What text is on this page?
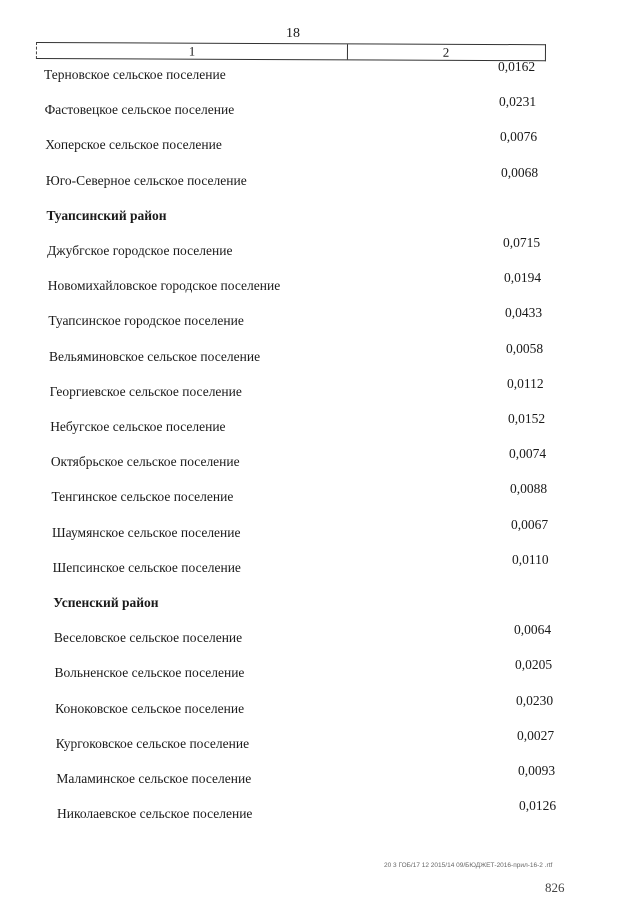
18
1	2
Терновское сельское поселение
0,0162
Фастовецкое сельское поселение
0,0231
Хоперское сельское поселение
0,0076
Юго-Северное сельское поселение
0,0068
Туапсинский район
Джубгское городское поселение
0,0715
Новомихайловское городское поселение
0,0194
Туапсинское городское поселение
0,0433
Вельяминовское сельское поселение
0,0058
Георгиевское сельское поселение
0,0112
Небугское сельское поселение
0,0152
Октябрьское сельское поселение
0,0074
Тенгинское сельское поселение
0,0088
Шаумянское сельское поселение
0,0067
Шепсинское сельское поселение
0,0110
Успенский район
Веселовское сельское поселение
0,0064
Вольненское сельское поселение
0,0205
Коноковское сельское поселение
0,0230
Кургоковское сельское поселение
0,0027
Маламинское сельское поселение
0,0093
Николаевское сельское поселение
0,0126
20 3 ГОБ/17 12 2015/14 09/БЮДЖЕТ-2016-прил-16-2 .rtf
826
